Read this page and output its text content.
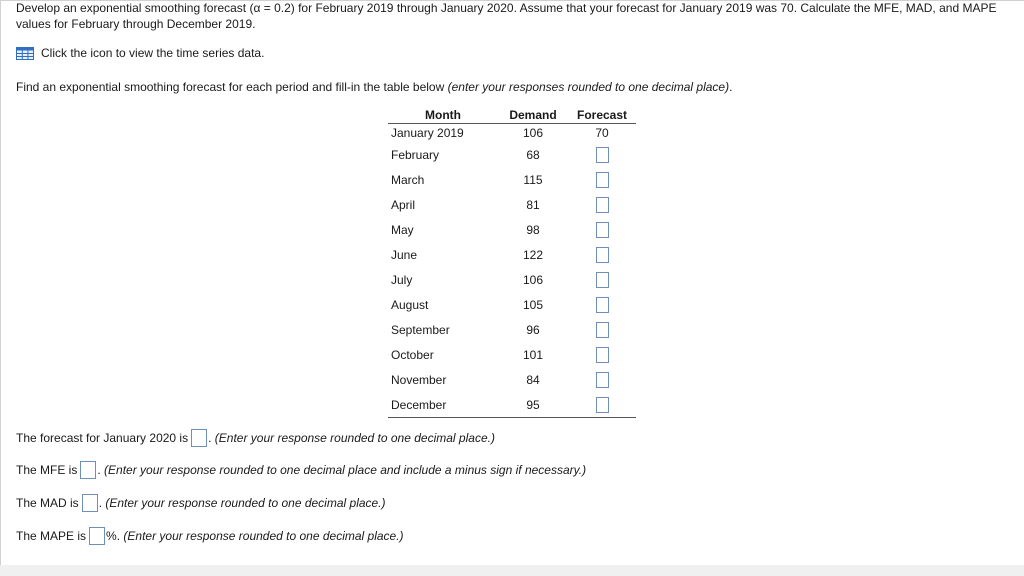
Develop an exponential smoothing forecast (α = 0.2) for February 2019 through January 2020. Assume that your forecast for January 2019 was 70. Calculate the MFE, MAD, and MAPE
values for February through December 2019.
Click the icon to view the time series data.
Find an exponential smoothing forecast for each period and fill-in the table below (enter your responses rounded to one decimal place).
Month	Demand	Forecast
January 2019	106	70
February	68	
March	115	
April	81	
May	98	
June	122	
July	106	
August	105	
September	96	
October	101	
November	84	
December	95	
The forecast for January 2020 is .
(Enter your response rounded to one decimal place.)
The MFE is .
(Enter your response rounded to one decimal place and include a minus sign if necessary.)
The MAD is .
(Enter your response rounded to one decimal place.)
The MAPE is %.
(Enter your response rounded to one decimal place.)
